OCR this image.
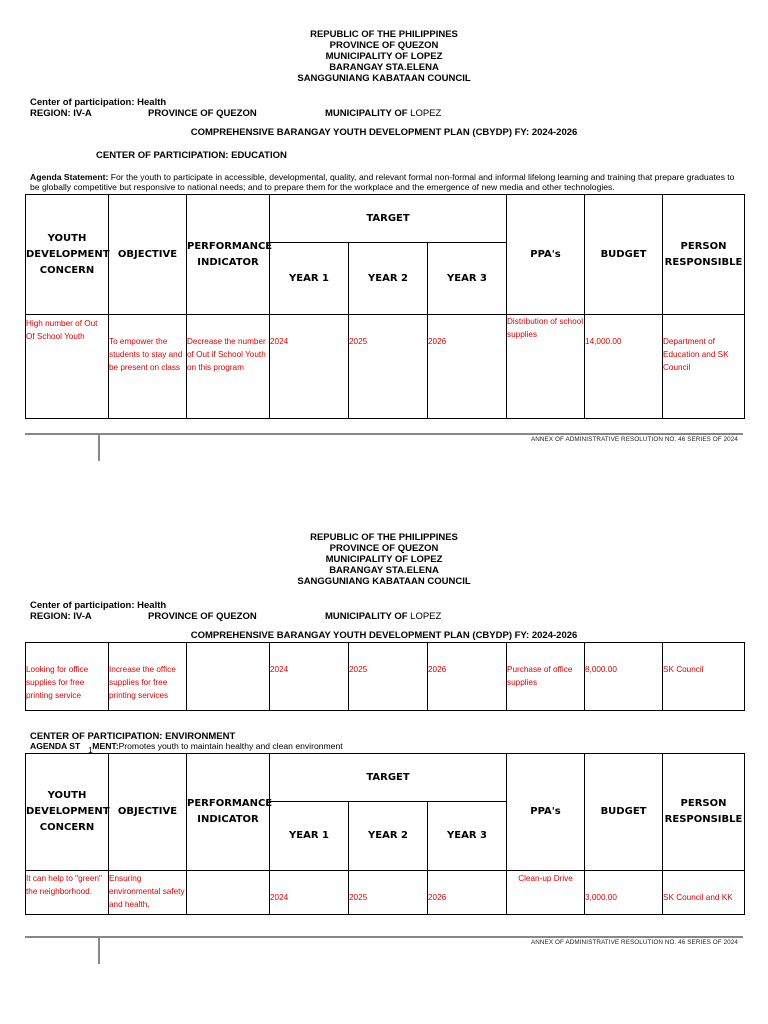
REPUBLIC OF THE PHILIPPINES
PROVINCE OF QUEZON
MUNICIPALITY OF LOPEZ
BARANGAY STA.ELENA
SANGGUNIANG KABATAAN COUNCIL
Center of participation: Health
REGION: IV-A	PROVINCE OF QUEZON	MUNICIPALITY OF LOPEZ
COMPREHENSIVE BARANGAY YOUTH DEVELOPMENT PLAN (CBYDP) FY: 2024-2026
CENTER OF PARTICIPATION: EDUCATION
Agenda Statement: For the youth to participate in accessible, developmental, quality, and relevant formal non-formal and informal lifelong learning and training that prepare graduates to be globally competitive but responsive to national needs; and to prepare them for the workplace and the emergence of new media and other technologies.
YOUTH DEVELOPMENT CONCERN	OBJECTIVE	PERFORMANCE INDICATOR	TARGET			PPA's	BUDGET	PERSON RESPONSIBLE
			YEAR 1	YEAR 2	YEAR 3			
High number of Out Of School Youth	To empower the students to stay and be present on class	Decrease the number of Out if School Youth on this program	2024	2025	2026	Distribution of school supplies	14,000.00	Department of Education and SK Council
ANNEX OF ADMINISTRATIVE RESOLUTION NO. 46 SERIES OF 2024
REPUBLIC OF THE PHILIPPINES
PROVINCE OF QUEZON
MUNICIPALITY OF LOPEZ
BARANGAY STA.ELENA
SANGGUNIANG KABATAAN COUNCIL
Center of participation: Health
REGION: IV-A	PROVINCE OF QUEZON	MUNICIPALITY OF LOPEZ
COMPREHENSIVE BARANGAY YOUTH DEVELOPMENT PLAN (CBYDP) FY: 2024-2026
Looking for office supplies for free printing service	Increase the office supplies for free printing services		2024	2025	2026	Purchase of office supplies	8,000.00	SK Council
CENTER OF PARTICIPATION: ENVIRONMENT
AGENDA ST MENT:Promotes youth to maintain healthy and clean environment
1
YOUTH DEVELOPMENT CONCERN	OBJECTIVE	PERFORMANCE INDICATOR	TARGET			PPA's	BUDGET	PERSON RESPONSIBLE
			YEAR 1	YEAR 2	YEAR 3			
It can help to "green" the neighborhood.	Ensuring environmental safety and health,		2024	2025	2026	Clean-up Drive	3,000.00	SK Council and KK
ANNEX OF ADMINISTRATIVE RESOLUTION NO. 46 SERIES OF 2024
